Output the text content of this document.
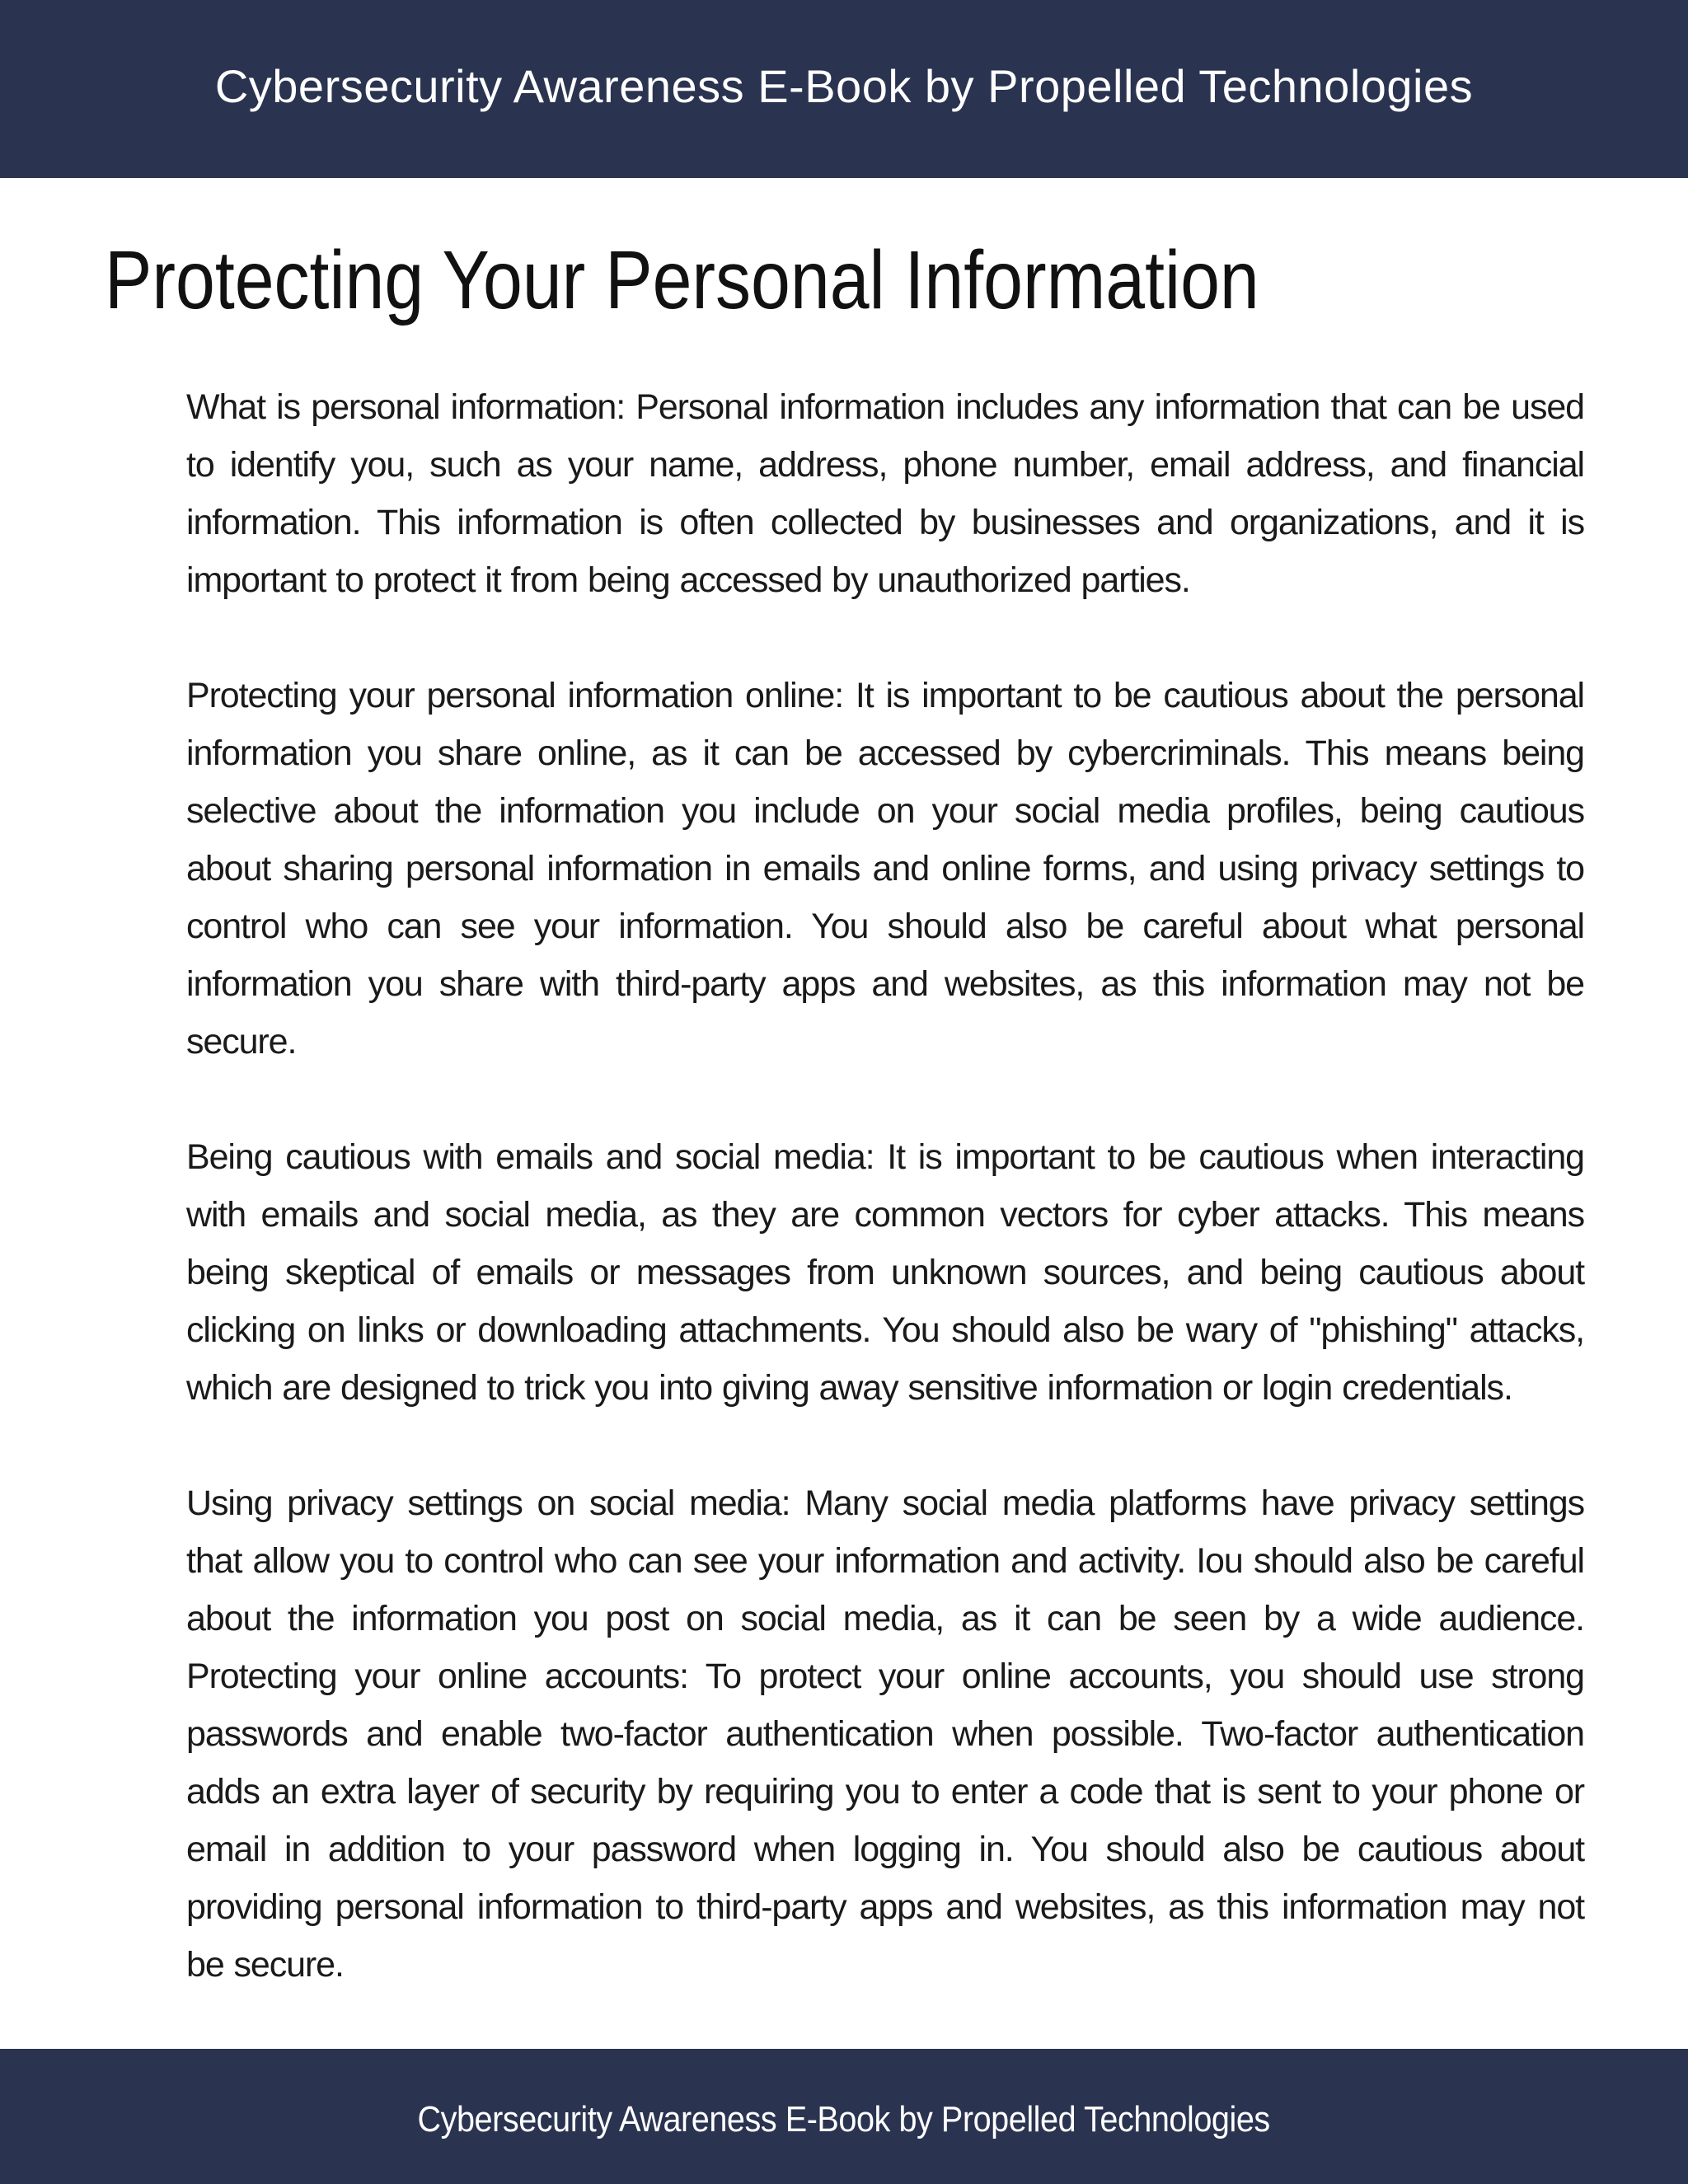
Cybersecurity Awareness E-Book by Propelled Technologies
Protecting Your Personal Information

What is personal information: Personal information includes any information that can be used to identify you, such as your name, address, phone number, email address, and financial information. This information is often collected by businesses and organizations, and it is important to protect it from being accessed by unauthorized parties.

Protecting your personal information online: It is important to be cautious about the personal information you share online, as it can be accessed by cybercriminals. This means being selective about the information you include on your social media profiles, being cautious about sharing personal information in emails and online forms, and using privacy settings to control who can see your information. You should also be careful about what personal information you share with third-party apps and websites, as this information may not be secure.

Being cautious with emails and social media: It is important to be cautious when interacting with emails and social media, as they are common vectors for cyber attacks. This means being skeptical of emails or messages from unknown sources, and being cautious about clicking on links or downloading attachments. You should also be wary of "phishing" attacks, which are designed to trick you into giving away sensitive information or login credentials.

Using privacy settings on social media: Many social media platforms have privacy settings that allow you to control who can see your information and activity. Iou should also be careful about the information you post on social media, as it can be seen by a wide audience. Protecting your online accounts: To protect your online accounts, you should use strong passwords and enable two-factor authentication when possible. Two-factor authentication adds an extra layer of security by requiring you to enter a code that is sent to your phone or email in addition to your password when logging in. You should also be cautious about providing personal information to third-party apps and websites, as this information may not be secure.

Cybersecurity Awareness E-Book by Propelled Technologies
